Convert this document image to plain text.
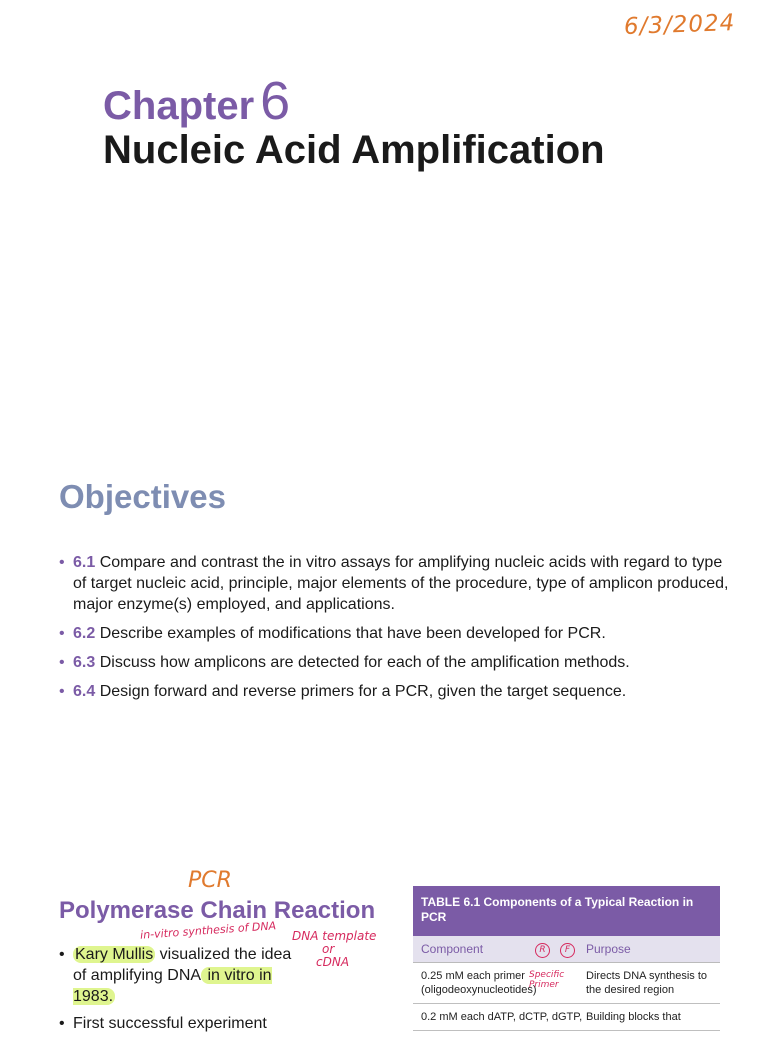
6/3/2024
Chapter 6
Nucleic Acid Amplification
Objectives
• 6.1 Compare and contrast the in vitro assays for amplifying nucleic acids with regard to type of target nucleic acid, principle, major elements of the procedure, type of amplicon produced, major enzyme(s) employed, and applications.
• 6.2 Describe examples of modifications that have been developed for PCR.
• 6.3 Discuss how amplicons are detected for each of the amplification methods.
• 6.4 Design forward and reverse primers for a PCR, given the target sequence.
PCR
Polymerase Chain Reaction
in-vitro synthesis of DNA DNA template
or
cDNA
• Kary Mullis visualized the idea of amplifying DNA in vitro in 1983.
• First successful experiment
TABLE 6.1 Components of a Typical Reaction in PCR
Component	Purpose
0.25 mM each primer (oligodeoxynucleotides)
Directs DNA synthesis to the desired region
0.2 mM each dATP, dCTP, dGTP, Building blocks that
R F
Specific Primer
